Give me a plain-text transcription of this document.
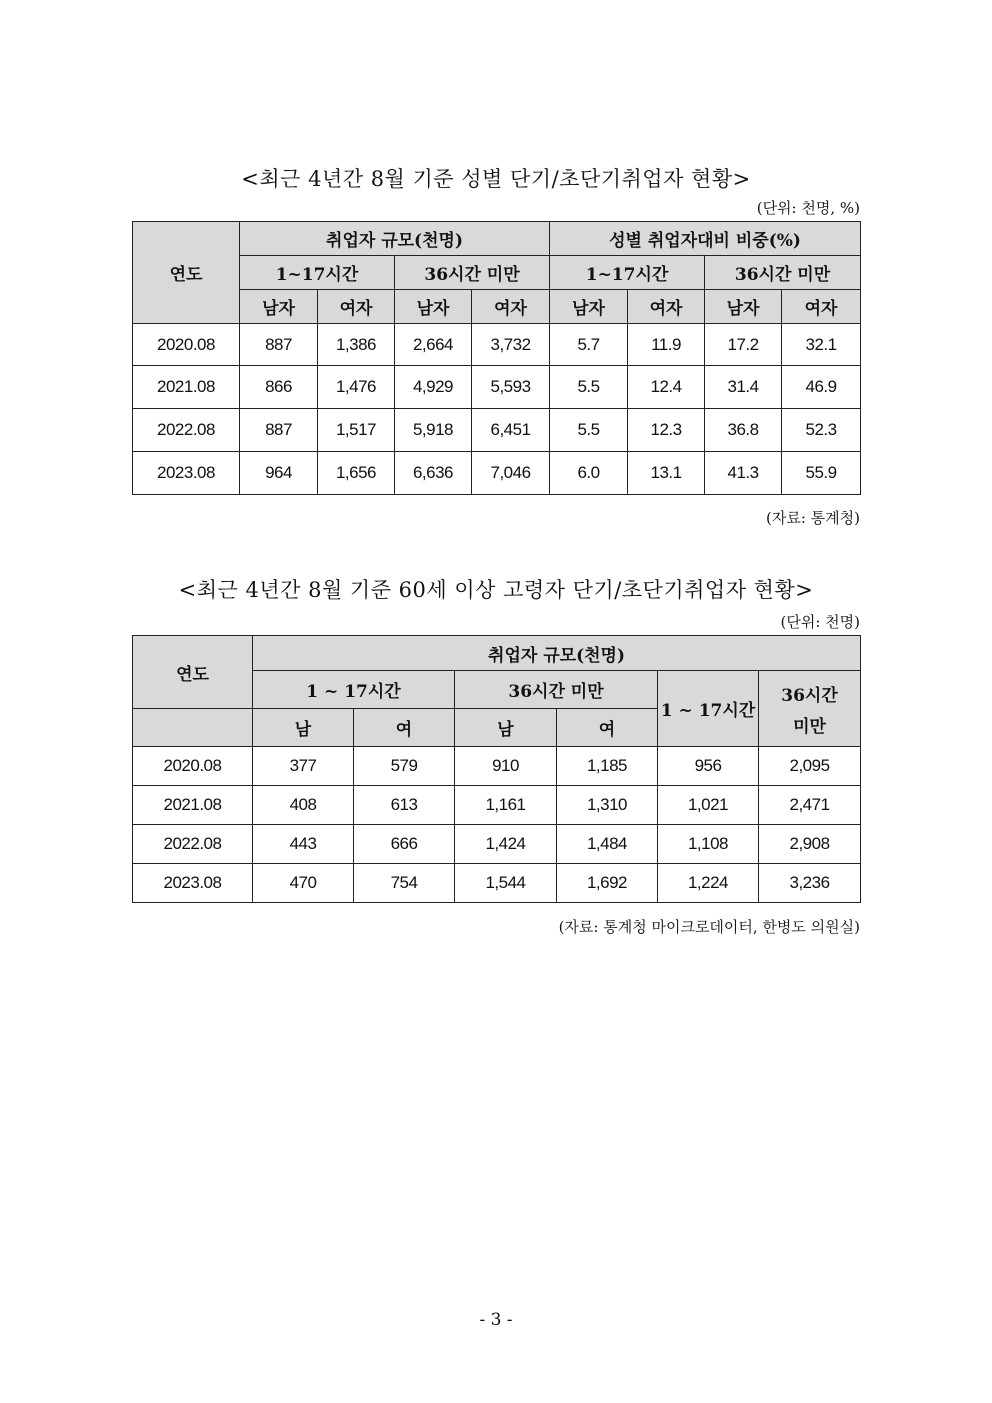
<최근 4년간 8월 기준 성별 단기/초단기취업자 현황>
(단위: 천명, %)
연도	취업자 규모(천명)				성별 취업자대비 비중(%)			
	1~17시간		36시간 미만		1~17시간		36시간 미만	
	남자	여자	남자	여자	남자	여자	남자	여자
2020.08	887	1,386	2,664	3,732	5.7	11.9	17.2	32.1
2021.08	866	1,476	4,929	5,593	5.5	12.4	31.4	46.9
2022.08	887	1,517	5,918	6,451	5.5	12.3	36.8	52.3
2023.08	964	1,656	6,636	7,046	6.0	13.1	41.3	55.9
(자료: 통계청)
<최근 4년간 8월 기준 60세 이상 고령자 단기/초단기취업자 현황>
(단위: 천명)
연도	취업자 규모(천명)					
	1 ~ 17시간		36시간 미만		1 ~ 17시간	36시간
미만

	남	여	남	여		
2020.08	377	579	910	1,185	956	2,095
2021.08	408	613	1,161	1,310	1,021	2,471
2022.08	443	666	1,424	1,484	1,108	2,908
2023.08	470	754	1,544	1,692	1,224	3,236
(자료: 통계청 마이크로데이터, 한병도 의원실)
- 3 -
